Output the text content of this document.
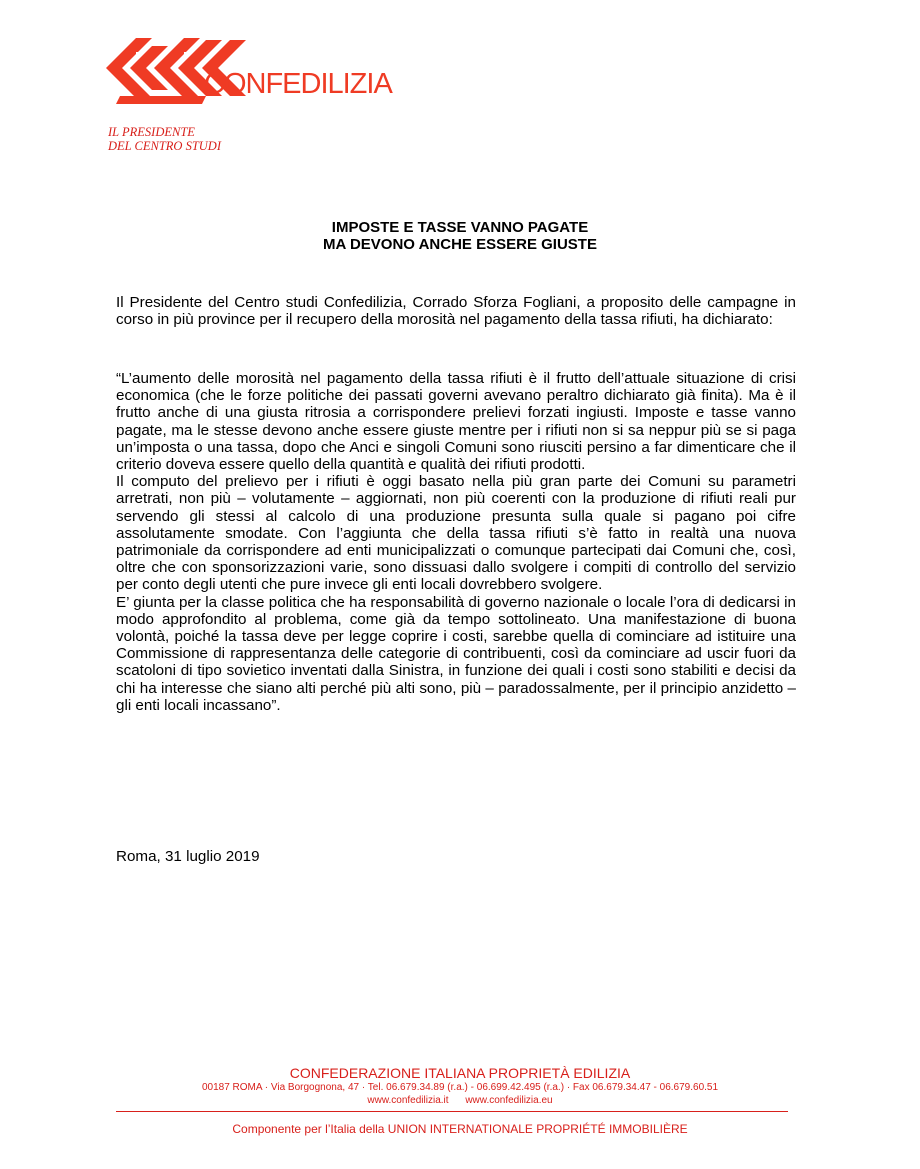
CONFEDILIZIA
IL PRESIDENTE
DEL CENTRO STUDI
IMPOSTE E TASSE VANNO PAGATE
MA DEVONO ANCHE ESSERE GIUSTE

Il Presidente del Centro studi Confedilizia, Corrado Sforza Fogliani, a proposito delle campagne in corso in più province per il recupero della morosità nel pagamento della tassa rifiuti, ha dichiarato:

“L’aumento delle morosità nel pagamento della tassa rifiuti è il frutto dell’attuale situazione di crisi economica (che le forze politiche dei passati governi avevano peraltro dichiarato già finita). Ma è il frutto anche di una giusta ritrosia a corrispondere prelievi forzati ingiusti. Imposte e tasse vanno pagate, ma le stesse devono anche essere giuste mentre per i rifiuti non si sa neppur più se si paga un’imposta o una tassa, dopo che Anci e singoli Comuni sono riusciti persino a far dimenticare che il criterio doveva essere quello della quantità e qualità dei rifiuti prodotti.

Il computo del prelievo per i rifiuti è oggi basato nella più gran parte dei Comuni su parametri arretrati, non più – volutamente – aggiornati, non più coerenti con la produzione di rifiuti reali pur servendo gli stessi al calcolo di una produzione presunta sulla quale si pagano poi cifre assolutamente smodate. Con l’aggiunta che della tassa rifiuti s’è fatto in realtà una nuova patrimoniale da corrispondere ad enti municipalizzati o comunque partecipati dai Comuni che, così, oltre che con sponsorizzazioni varie, sono dissuasi dallo svolgere i compiti di controllo del servizio per conto degli utenti che pure invece gli enti locali dovrebbero svolgere.

E’ giunta per la classe politica che ha responsabilità di governo nazionale o locale l’ora di dedicarsi in modo approfondito al problema, come già da tempo sottolineato. Una manifestazione di buona volontà, poiché la tassa deve per legge coprire i costi, sarebbe quella di cominciare ad istituire una Commissione di rappresentanza delle categorie di contribuenti, così da cominciare ad uscir fuori da scatoloni di tipo sovietico inventati dalla Sinistra, in funzione dei quali i costi sono stabiliti e decisi da chi ha interesse che siano alti perché più alti sono, più – paradossalmente, per il principio anzidetto – gli enti locali incassano”.

Roma, 31 luglio 2019
CONFEDERAZIONE ITALIANA PROPRIETÀ EDILIZIA
00187 ROMA · Via Borgognona, 47 · Tel. 06.679.34.89 (r.a.) - 06.699.42.495 (r.a.) · Fax 06.679.34.47 - 06.679.60.51
www.confedilizia.it www.confedilizia.eu
Componente per l’Italia della UNION INTERNATIONALE PROPRIÉTÉ IMMOBILIÈRE
